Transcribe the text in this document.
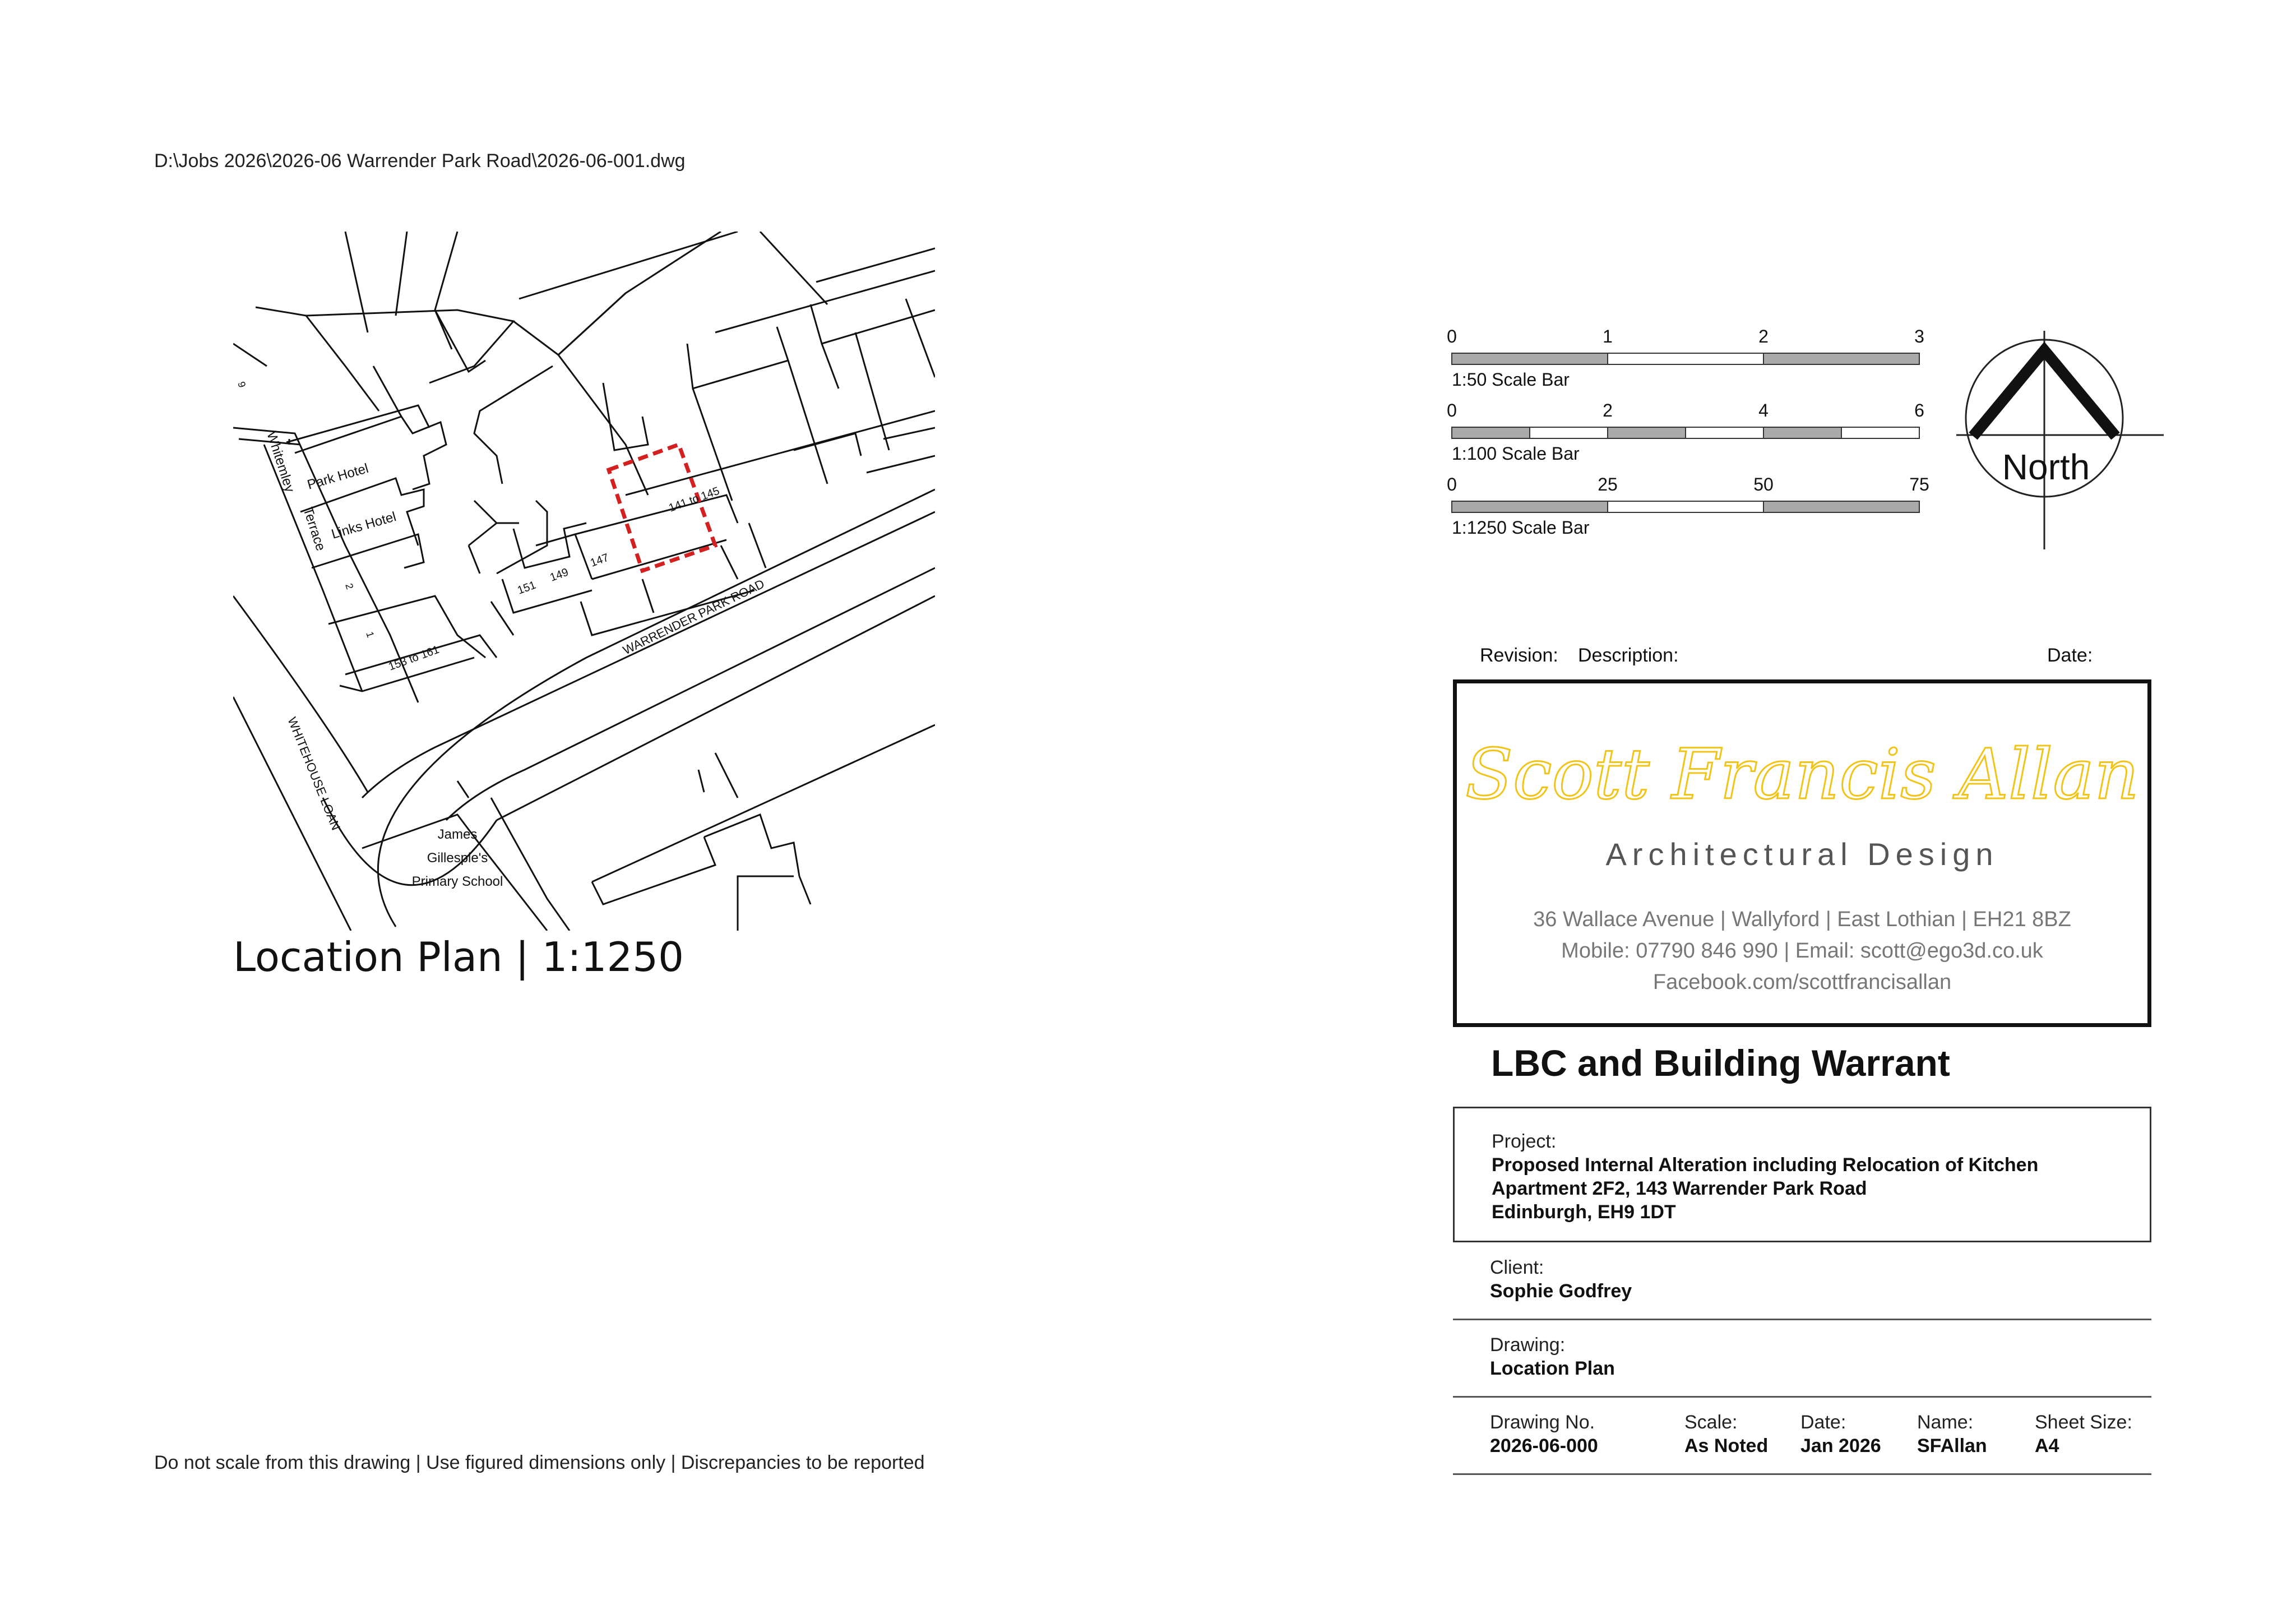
D:\Jobs 2026\2026-06 Warrender Park Road\2026-06-001.dwg
Park Hotel
Links Hotel
Whitemley
Terrace
WARRENDER PARK ROAD
WHITEHOUSE LOAN
James
Gillespie's
Primary School
151
149
147
141 to 145
153 to 161
2
1
9
Location Plan | 1:1250
0	1	2	3
1:50 Scale Bar
0	2	4	6
1:100 Scale Bar
0	25	50	75
1:1250 Scale Bar
North
Revision: Description:	Date:
Scott Francis Allan
Architectural Design
36 Wallace Avenue | Wallyford | East Lothian | EH21 8BZ
Mobile: 07790 846 990 | Email: scott@ego3d.co.uk
Facebook.com/scottfrancisallan
LBC and Building Warrant
Project:
Proposed Internal Alteration including Relocation of Kitchen
Apartment 2F2, 143 Warrender Park Road
Edinburgh, EH9 1DT
Client:
Sophie Godfrey
Drawing:
Location Plan
Drawing No.
2026-06-000
Scale:
As Noted
Date:
Jan 2026
Name:
SFAllan
Sheet Size:
A4
Do not scale from this drawing | Use figured dimensions only | Discrepancies to be reported
